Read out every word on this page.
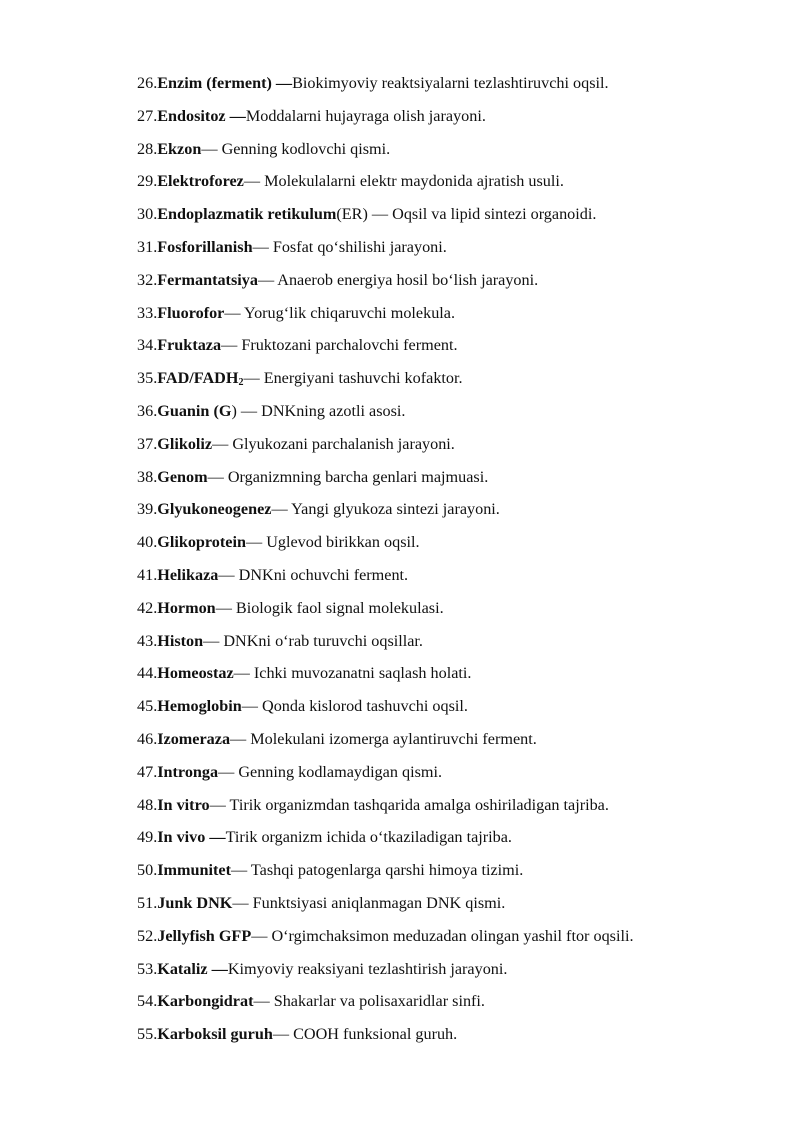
26. Enzim (ferment) — Biokimyoviy reaktsiyalarni tezlashtiruvchi oqsil.
27. Endositoz — Moddalarni hujayraga olish jarayoni.
28. Ekzon — Genning kodlovchi qismi.
29. Elektroforez — Molekulalarni elektr maydonida ajratish usuli.
30. Endoplazmatik retikulum (ER) — Oqsil va lipid sintezi organoidi.
31. Fosforillanish — Fosfat qo‘shilishi jarayoni.
32. Fermantatsiya — Anaerob energiya hosil bo‘lish jarayoni.
33. Fluorofor — Yorug‘lik chiqaruvchi molekula.
34. Fruktaza — Fruktozani parchalovchi ferment.
35. FAD/$FADH_2$ — Energiyani tashuvchi kofaktor.
36. Guanin (G ) — DNKning azotli asosi.
37. Glikoliz — Glyukozani parchalanish jarayoni.
38. Genom — Organizmning barcha genlari majmuasi.
39. Glyukoneogenez — Yangi glyukoza sintezi jarayoni.
40. Glikoprotein — Uglevod birikkan oqsil.
41. Helikaza — DNKni ochuvchi ferment.
42. Hormon — Biologik faol signal molekulasi.
43. Histon — DNKni o‘rab turuvchi oqsillar.
44. Homeostaz — Ichki muvozanatni saqlash holati.
45. Hemoglobin — Qonda kislorod tashuvchi oqsil.
46. Izomeraza — Molekulani izomerga aylantiruvchi ferment.
47. Intronga — Genning kodlamaydigan qismi.
48. In vitro — Tirik organizmdan tashqarida amalga oshiriladigan tajriba.
49. In vivo — Tirik organizm ichida o‘tkaziladigan tajriba.
50. Immunitet — Tashqi patogenlarga qarshi himoya tizimi.
51. Junk DNK — Funktsiyasi aniqlanmagan DNK qismi.
52. Jellyfish GFP — O‘rgimchaksimon meduzadan olingan yashil ftor oqsili.
53. Kataliz — Kimyoviy reaksiyani tezlashtirish jarayoni.
54. Karbongidrat — Shakarlar va polisaxaridlar sinfi.
55. Karboksil guruh — COOH funksional guruh.
